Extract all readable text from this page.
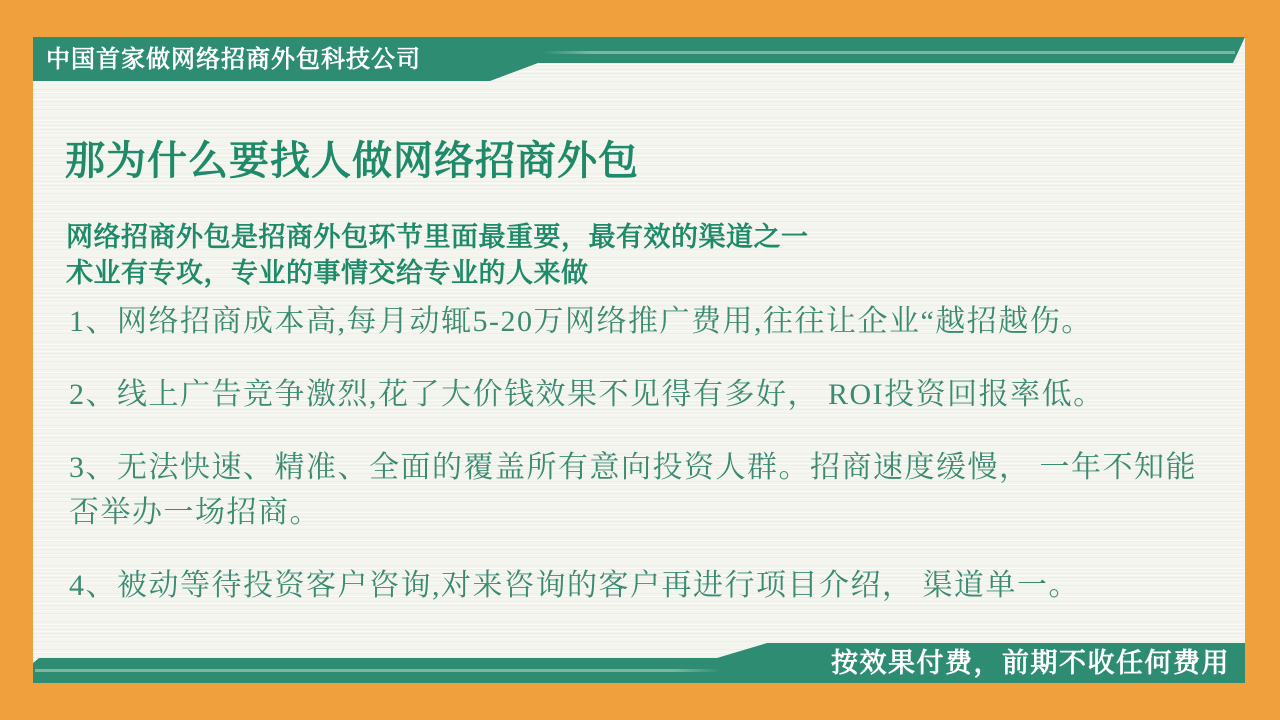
中国首家做网络招商外包科技公司
那为什么要找人做网络招商外包
网络招商外包是招商外包环节里面最重要，最有效的渠道之一
术业有专攻，专业的事情交给专业的人来做

1、网络招商成本高,每月动辄5-20万网络推广费用,往往让企业“越招越伤。

2、线上广告竞争激烈,花了大价钱效果不见得有多好， ROI投资回报率低。

3、无法快速、精准、全面的覆盖所有意向投资人群。招商速度缓慢， 一年不知能否举办一场招商。

4、被动等待投资客户咨询,对来咨询的客户再进行项目介绍， 渠道单一。

按效果付费，前期不收任何费用
